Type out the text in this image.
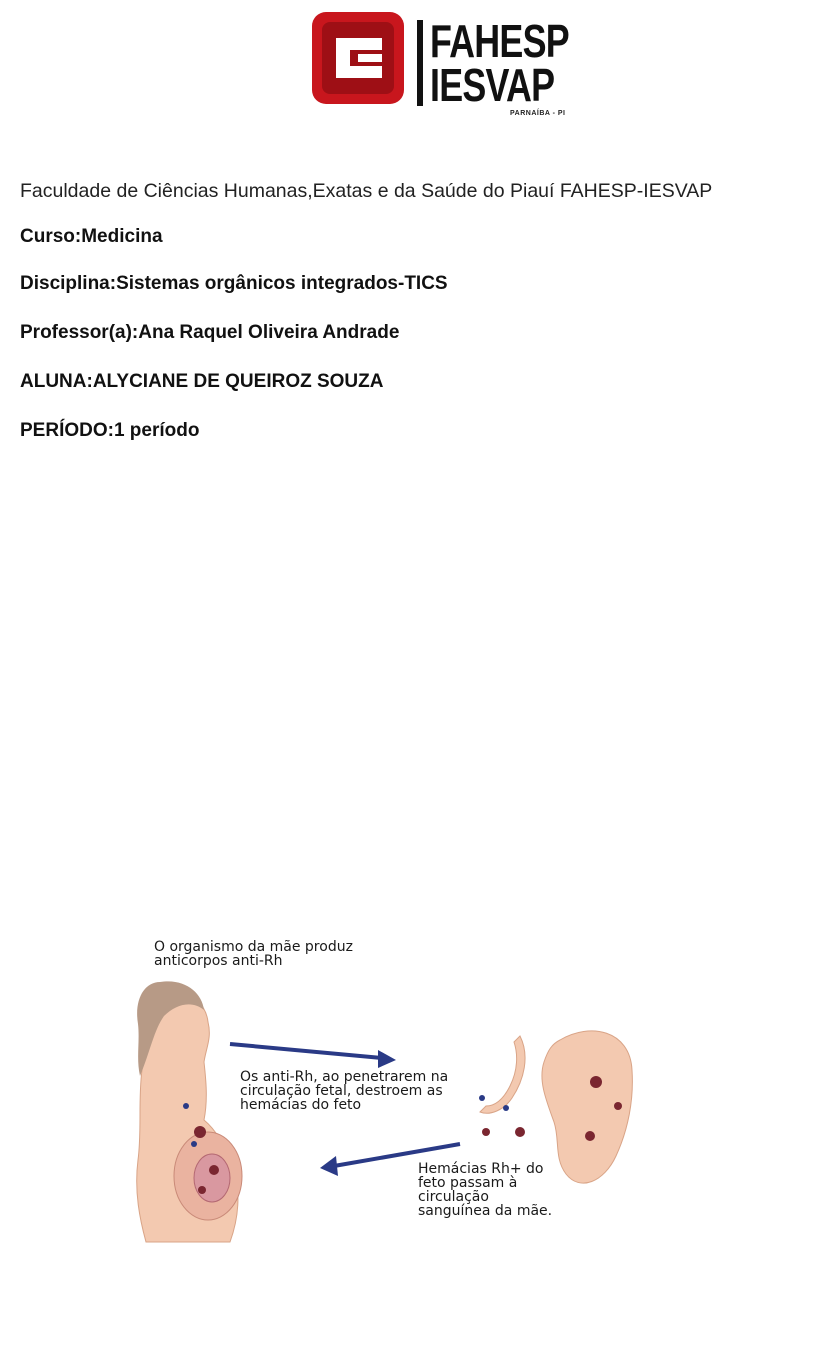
FAHESP
IESVAP
PARNAÍBA - PI
Faculdade de Ciências Humanas,Exatas e da Saúde do Piauí FAHESP-IESVAP
Curso:Medicina
Disciplina:Sistemas orgânicos integrados-TICS
Professor(a):Ana Raquel Oliveira Andrade
ALUNA:ALYCIANE DE QUEIROZ SOUZA
PERÍODO:1 período
O organismo da mãe produz anticorpos anti-Rh
Os anti-Rh, ao penetrarem na circulação fetal, destroem as hemácias do feto
Hemácias Rh+ do feto passam à circulação sanguínea da mãe.
